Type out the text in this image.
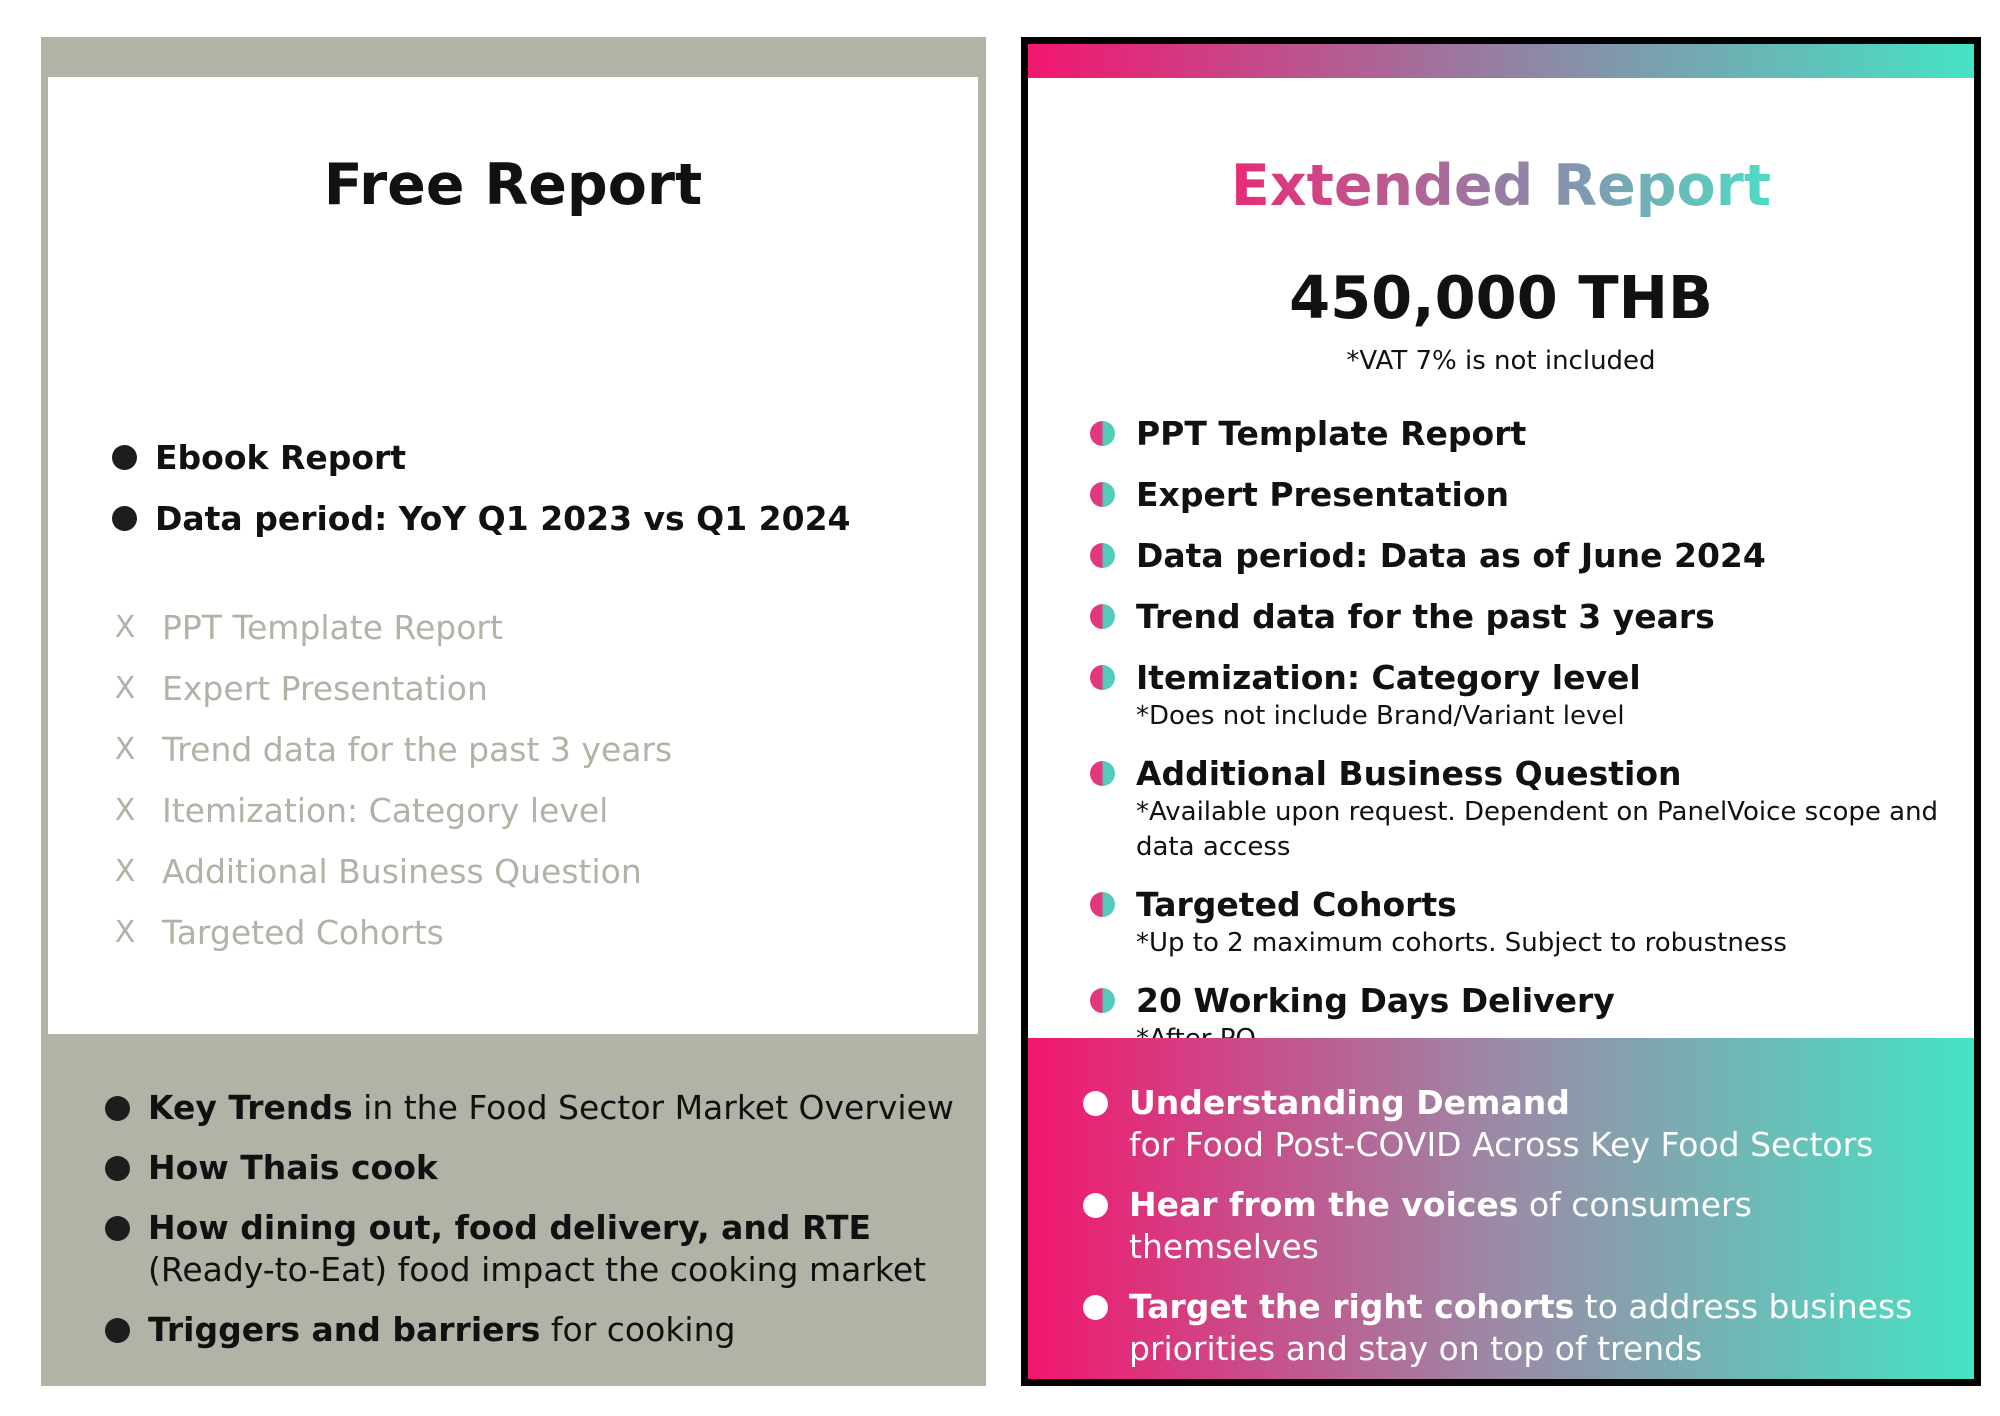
Free Report
Ebook Report
Data period: YoY Q1 2023 vs Q1 2024
X PPT Template Report
X Expert Presentation
X Trend data for the past 3 years
X Itemization: Category level
X Additional Business Question
X Targeted Cohorts
Key Trends in the Food Sector Market Overview
How Thais cook
How dining out, food delivery, and RTE
(Ready-to-Eat) food impact the cooking market
Triggers and barriers for cooking
Extended Report
450,000 THB
*VAT 7% is not included
PPT Template Report
Expert Presentation
Data period: Data as of June 2024
Trend data for the past 3 years
Itemization: Category level
*Does not include Brand/Variant level
Additional Business Question
*Available upon request. Dependent on PanelVoice scope and data access
Targeted Cohorts
*Up to 2 maximum cohorts. Subject to robustness
20 Working Days Delivery
Understanding Demand
for Food Post-COVID Across Key Food Sectors
Hear from the voices of consumers themselves
Target the right cohorts to address business priorities and stay on top of trends
